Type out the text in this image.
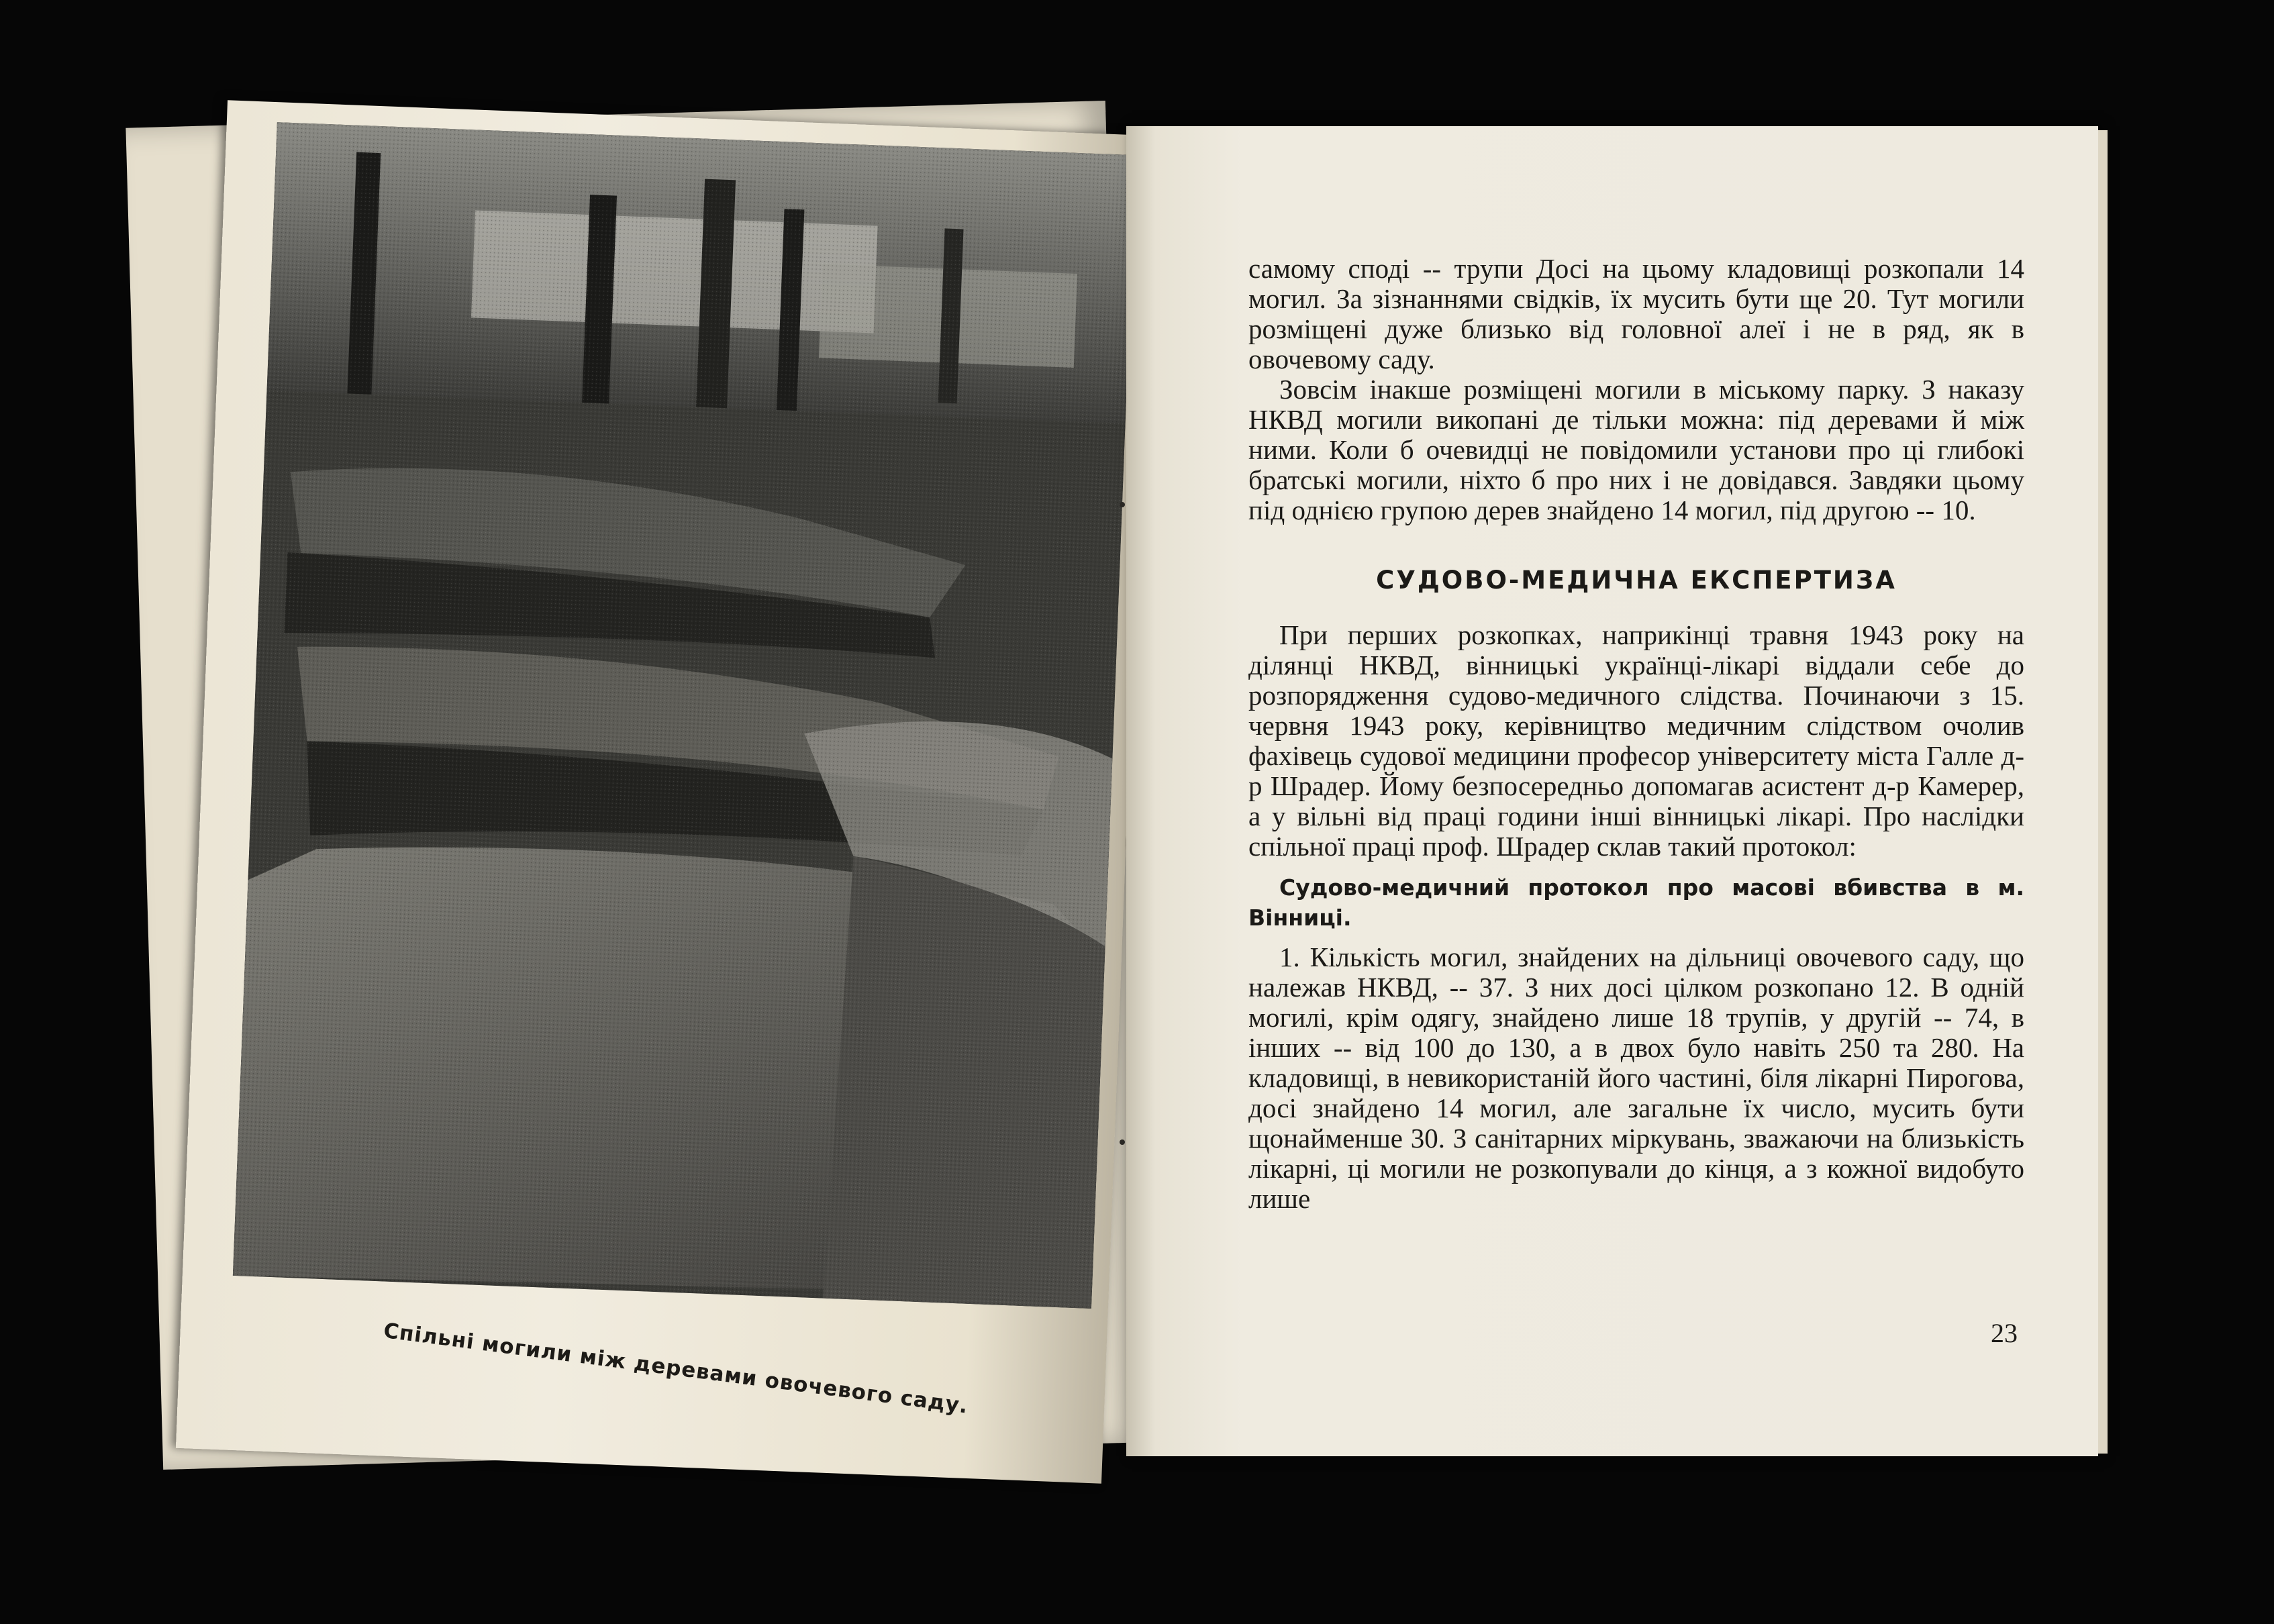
Спільні могили між деревами овочевого саду.

самому споді -- трупи Досі на цьому кладовищі розкопали 14 могил. За зізнаннями свідків, їх мусить бути ще 20. Тут могили розміщені дуже близько від головної алеї і не в ряд, як в овочевому саду.

Зовсім інакше розміщені могили в міському парку. З наказу НКВД могили викопані де тільки можна: під деревами й між ними. Коли б очевидці не повідомили установи про ці глибокі братські могили, ніхто б про них і не довідався. Завдяки цьому під однією групою дерев знайдено 14 могил, під другою -- 10.

СУДОВО-МЕДИЧНА ЕКСПЕРТИЗА

При перших розкопках, наприкінці травня 1943 року на ділянці НКВД, вінницькі українці-лікарі віддали себе до розпорядження судово-медичного слідства. Починаючи з 15. червня 1943 року, керівництво медичним слідством очолив фахівець судової медицини професор університету міста Галле д-р Шрадер. Йому безпосередньо допомагав асистент д-р Камерер, а у вільні від праці години інші вінницькі лікарі. Про наслідки спільної праці проф. Шрадер склав такий протокол:

Судово-медичний протокол про масові вбивства в м. Вінниці.

1. Кількість могил, знайдених на дільниці овочевого саду, що належав НКВД, -- 37. З них досі цілком розкопано 12. В одній могилі, крім одягу, знайдено лише 18 трупів, у другій -- 74, в інших -- від 100 до 130, а в двох було навіть 250 та 280. На кладовищі, в невикористаній його частині, біля лікарні Пирогова, досі знайдено 14 могил, але загальне їх число, мусить бути щонайменше 30. З санітарних міркувань, зважаючи на близькість лікарні, ці могили не розкопували до кінця, а з кожної видобуто лише

23
